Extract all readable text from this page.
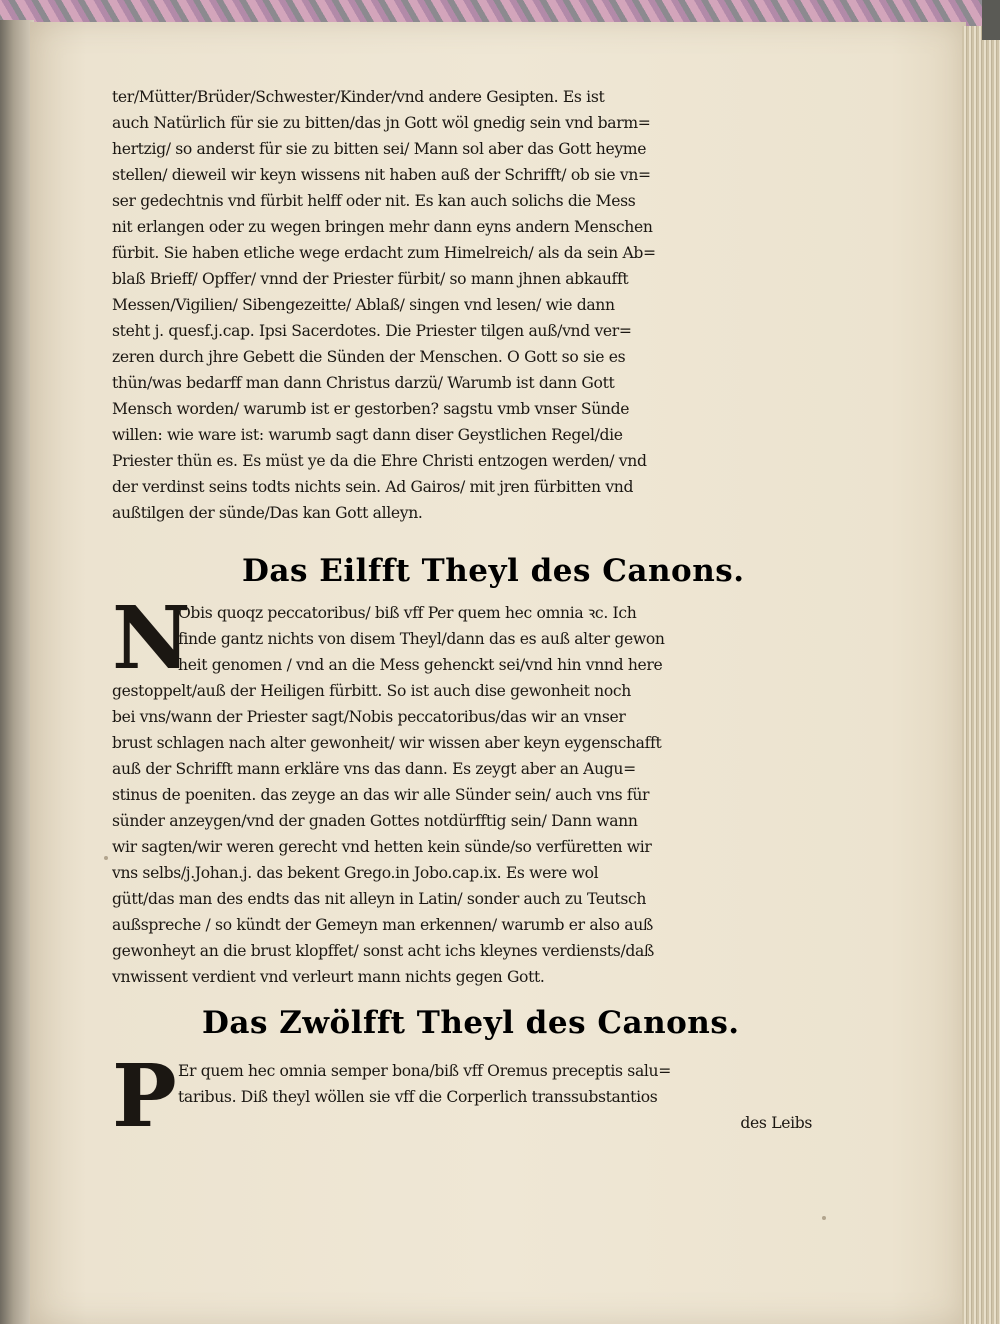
ter/Mütter/Brüder/Schwester/Kinder/vnd andere Gesipten. Es ist
auch Natürlich für sie zu bitten/das jn Gott wöl gnedig sein vnd barm=
hertzig/ so anderst für sie zu bitten sei/ Mann sol aber das Gott heyme
stellen/ dieweil wir keyn wissens nit haben auß der Schrifft/ ob sie vn=
ser gedechtnis vnd fürbit helff oder nit. Es kan auch solichs die Mess
nit erlangen oder zu wegen bringen mehr dann eyns andern Menschen
fürbit. Sie haben etliche wege erdacht zum Himelreich/ als da sein Ab=
blaß Brieff/ Opffer/ vnnd der Priester fürbit/ so mann jhnen abkaufft
Messen/Vigilien/ Sibengezeitte/ Ablaß/ singen vnd lesen/ wie dann
steht j. quesf.j.cap. Ipsi Sacerdotes. Die Priester tilgen auß/vnd ver=
zeren durch jhre Gebett die Sünden der Menschen. O Gott so sie es
thün/was bedarff man dann Christus darzü/ Warumb ist dann Gott
Mensch worden/ warumb ist er gestorben? sagstu vmb vnser Sünde
willen: wie ware ist: warumb sagt dann diser Geystlichen Regel/die
Priester thün es. Es müst ye da die Ehre Christi entzogen werden/ vnd
der verdinst seins todts nichts sein. Ad Gairos/ mit jren fürbitten vnd
außtilgen der sünde/Das kan Gott alleyn.
Das Eilfft Theyl des Canons.
N
Obis quoqz peccatoribus/ biß vff Per quem hec omnia ꝛc. Ich
finde gantz nichts von disem Theyl/dann das es auß alter gewon
heit genomen / vnd an die Mess gehenckt sei/vnd hin vnnd here
gestoppelt/auß der Heiligen fürbitt. So ist auch dise gewonheit noch
bei vns/wann der Priester sagt/Nobis peccatoribus/das wir an vnser
brust schlagen nach alter gewonheit/ wir wissen aber keyn eygenschafft
auß der Schrifft mann erkläre vns das dann. Es zeygt aber an Augu=
stinus de poeniten. das zeyge an das wir alle Sünder sein/ auch vns für
sünder anzeygen/vnd der gnaden Gottes notdürfftig sein/ Dann wann
wir sagten/wir weren gerecht vnd hetten kein sünde/so verfüretten wir
vns selbs/j.Johan.j. das bekent Grego.in Jobo.cap.ix. Es were wol
gütt/das man des endts das nit alleyn in Latin/ sonder auch zu Teutsch
außspreche / so kündt der Gemeyn man erkennen/ warumb er also auß
gewonheyt an die brust klopffet/ sonst acht ichs kleynes verdiensts/daß
vnwissent verdient vnd verleurt mann nichts gegen Gott.
Das Zwölfft Theyl des Canons.
P Er quem hec omnia semper bona/biß vff Oremus preceptis salu=
taribus. Diß theyl wöllen sie vff die Corperlich transsubstantios
des Leibs
